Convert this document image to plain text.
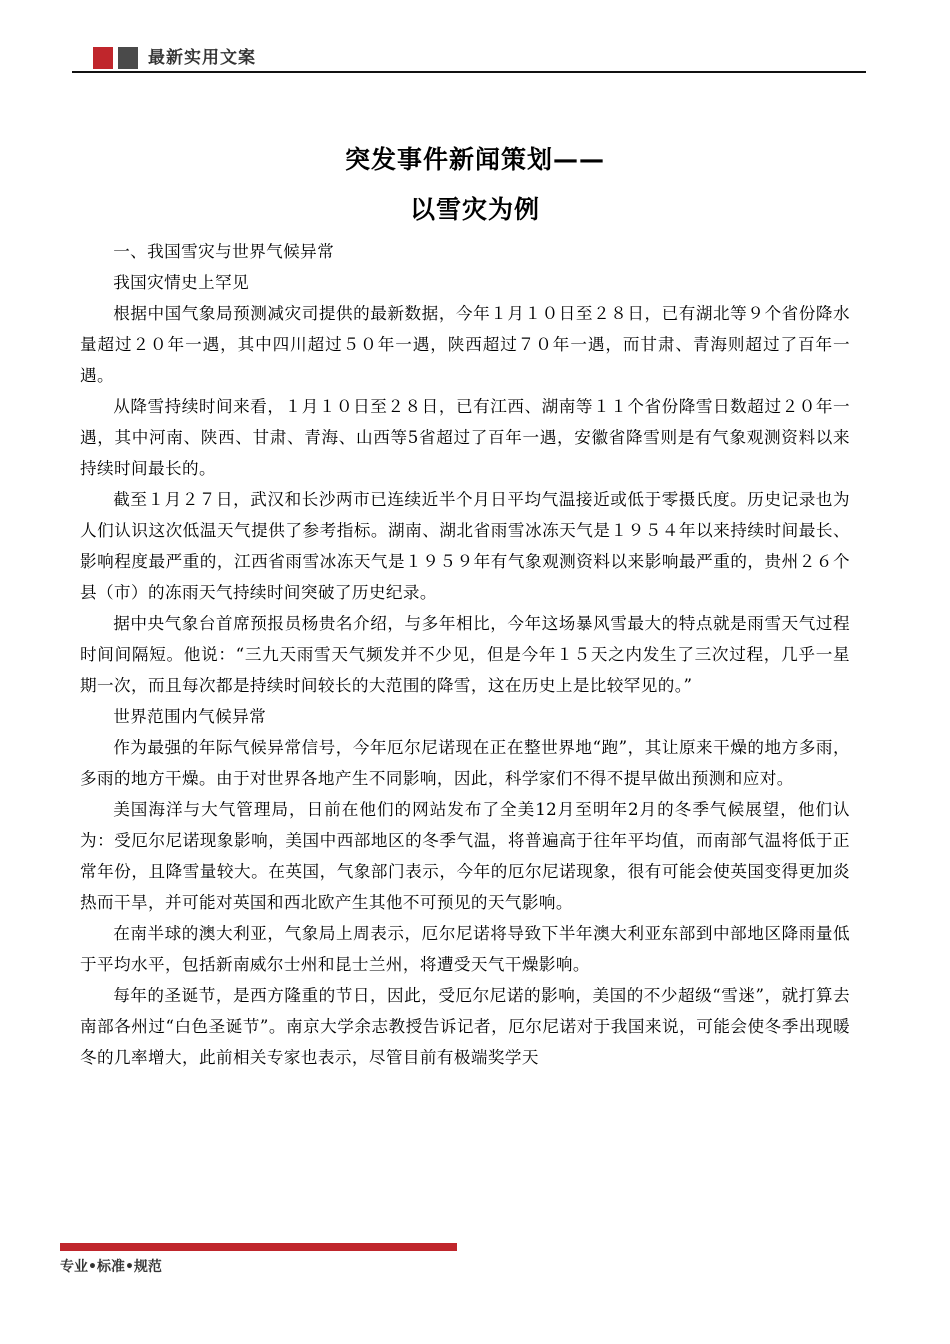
最新实用文案
突发事件新闻策划——
以雪灾为例

一、我国雪灾与世界气候异常

我国灾情史上罕见

根据中国气象局预测减灾司提供的最新数据，今年１月１０日至２８日，已有湖北等９个省份降水量超过２０年一遇，其中四川超过５０年一遇，陕西超过７０年一遇，而甘肃、青海则超过了百年一遇。

从降雪持续时间来看，１月１０日至２８日，已有江西、湖南等１１个省份降雪日数超过２０年一遇，其中河南、陕西、甘肃、青海、山西等5省超过了百年一遇，安徽省降雪则是有气象观测资料以来持续时间最长的。

截至１月２７日，武汉和长沙两市已连续近半个月日平均气温接近或低于零摄氏度。历史记录也为人们认识这次低温天气提供了参考指标。湖南、湖北省雨雪冰冻天气是１９５４年以来持续时间最长、影响程度最严重的，江西省雨雪冰冻天气是１９５９年有气象观测资料以来影响最严重的，贵州２６个县（市）的冻雨天气持续时间突破了历史纪录。

据中央气象台首席预报员杨贵名介绍，与多年相比，今年这场暴风雪最大的特点就是雨雪天气过程时间间隔短。他说：“三九天雨雪天气频发并不少见，但是今年１５天之内发生了三次过程，几乎一星期一次，而且每次都是持续时间较长的大范围的降雪，这在历史上是比较罕见的。”

世界范围内气候异常

作为最强的年际气候异常信号，今年厄尔尼诺现在正在整世界地“跑”，其让原来干燥的地方多雨，多雨的地方干燥。由于对世界各地产生不同影响，因此，科学家们不得不提早做出预测和应对。

美国海洋与大气管理局，日前在他们的网站发布了全美12月至明年2月的冬季气候展望，他们认为：受厄尔尼诺现象影响，美国中西部地区的冬季气温，将普遍高于往年平均值，而南部气温将低于正常年份，且降雪量较大。在英国，气象部门表示，今年的厄尔尼诺现象，很有可能会使英国变得更加炎热而干旱，并可能对英国和西北欧产生其他不可预见的天气影响。

在南半球的澳大利亚，气象局上周表示，厄尔尼诺将导致下半年澳大利亚东部到中部地区降雨量低于平均水平，包括新南威尔士州和昆士兰州，将遭受天气干燥影响。

每年的圣诞节，是西方隆重的节日，因此，受厄尔尼诺的影响，美国的不少超级“雪迷”，就打算去南部各州过“白色圣诞节”。南京大学余志教授告诉记者，厄尔尼诺对于我国来说，可能会使冬季出现暖冬的几率增大，此前相关专家也表示，尽管目前有极端奖学天

专业•标准•规范
